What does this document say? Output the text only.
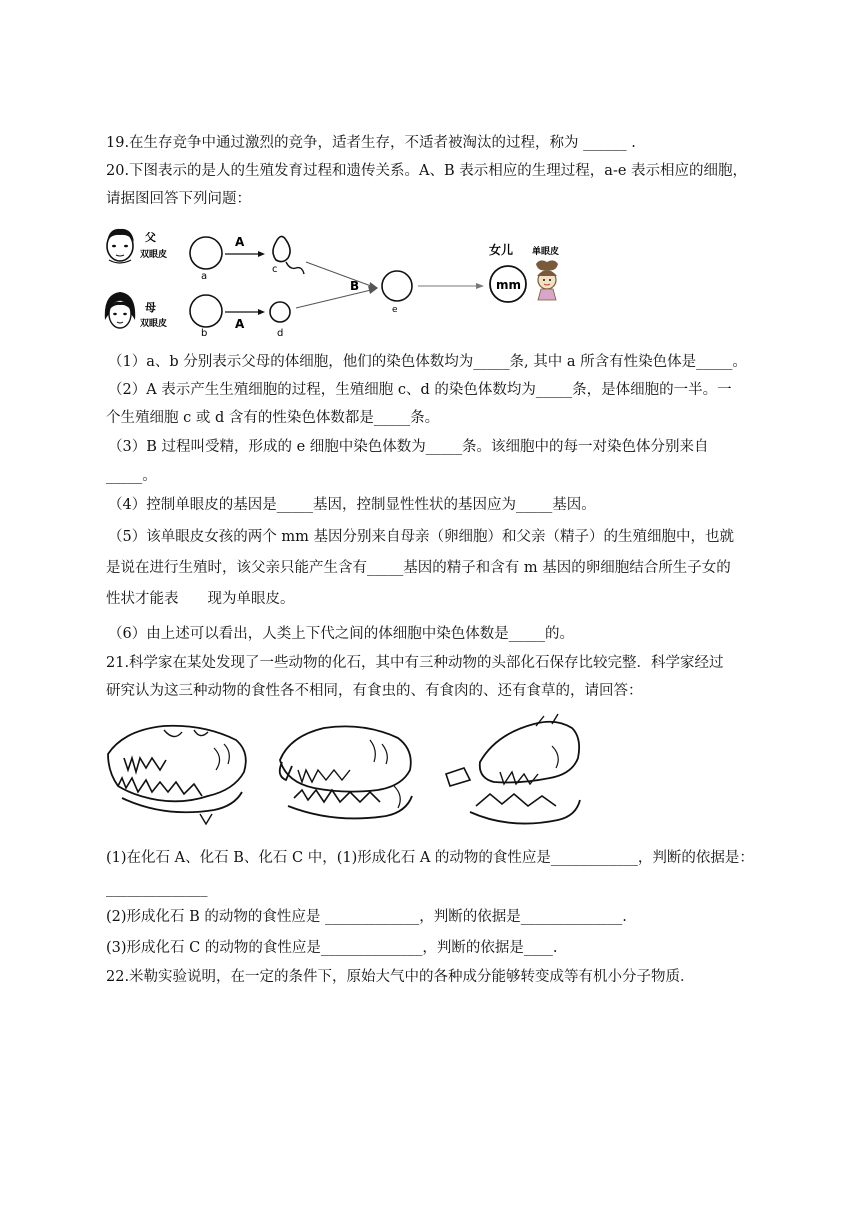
19.在生存竞争中通过激烈的竞争，适者生存，不适者被淘汰的过程，称为 ______ .
20.下图表示的是人的生殖发育过程和遗传关系。A、B 表示相应的生理过程，a-e 表示相应的细胞，
请据图回答下列问题：
父
双眼皮
a
A
c
母
双眼皮
b
A
d
B
e
女儿
mm
单眼皮
（1）a、b 分别表示父母的体细胞，他们的染色体数均为_____条, 其中 a 所含有性染色体是_____。
（2）A 表示产生生殖细胞的过程，生殖细胞 c、d 的染色体数均为_____条，是体细胞的一半。一
个生殖细胞 c 或 d 含有的性染色体数都是_____条。
（3）B 过程叫受精，形成的 e 细胞中染色体数为_____条。该细胞中的每一对染色体分别来自
_____。
（4）控制单眼皮的基因是_____基因，控制显性性状的基因应为_____基因。
（5）该单眼皮女孩的两个 mm 基因分别来自母亲（卵细胞）和父亲（精子）的生殖细胞中，也就
是说在进行生殖时，该父亲只能产生含有_____基因的精子和含有 m 基因的卵细胞结合所生子女的
性状才能表　　现为单眼皮。
（6）由上述可以看出，人类上下代之间的体细胞中染色体数是_____的。
21.科学家在某处发现了一些动物的化石，其中有三种动物的头部化石保存比较完整．科学家经过
研究认为这三种动物的食性各不相同，有食虫的、有食肉的、还有食草的，请回答：
(1)在化石 A、化石 B、化石 C 中，(1)形成化石 A 的动物的食性应是____________，判断的依据是：
______________
(2)形成化石 B 的动物的食性应是 _____________，判断的依据是______________.
(3)形成化石 C 的动物的食性应是______________，判断的依据是____.
22.米勒实验说明，在一定的条件下，原始大气中的各种成分能够转变成等有机小分子物质．
